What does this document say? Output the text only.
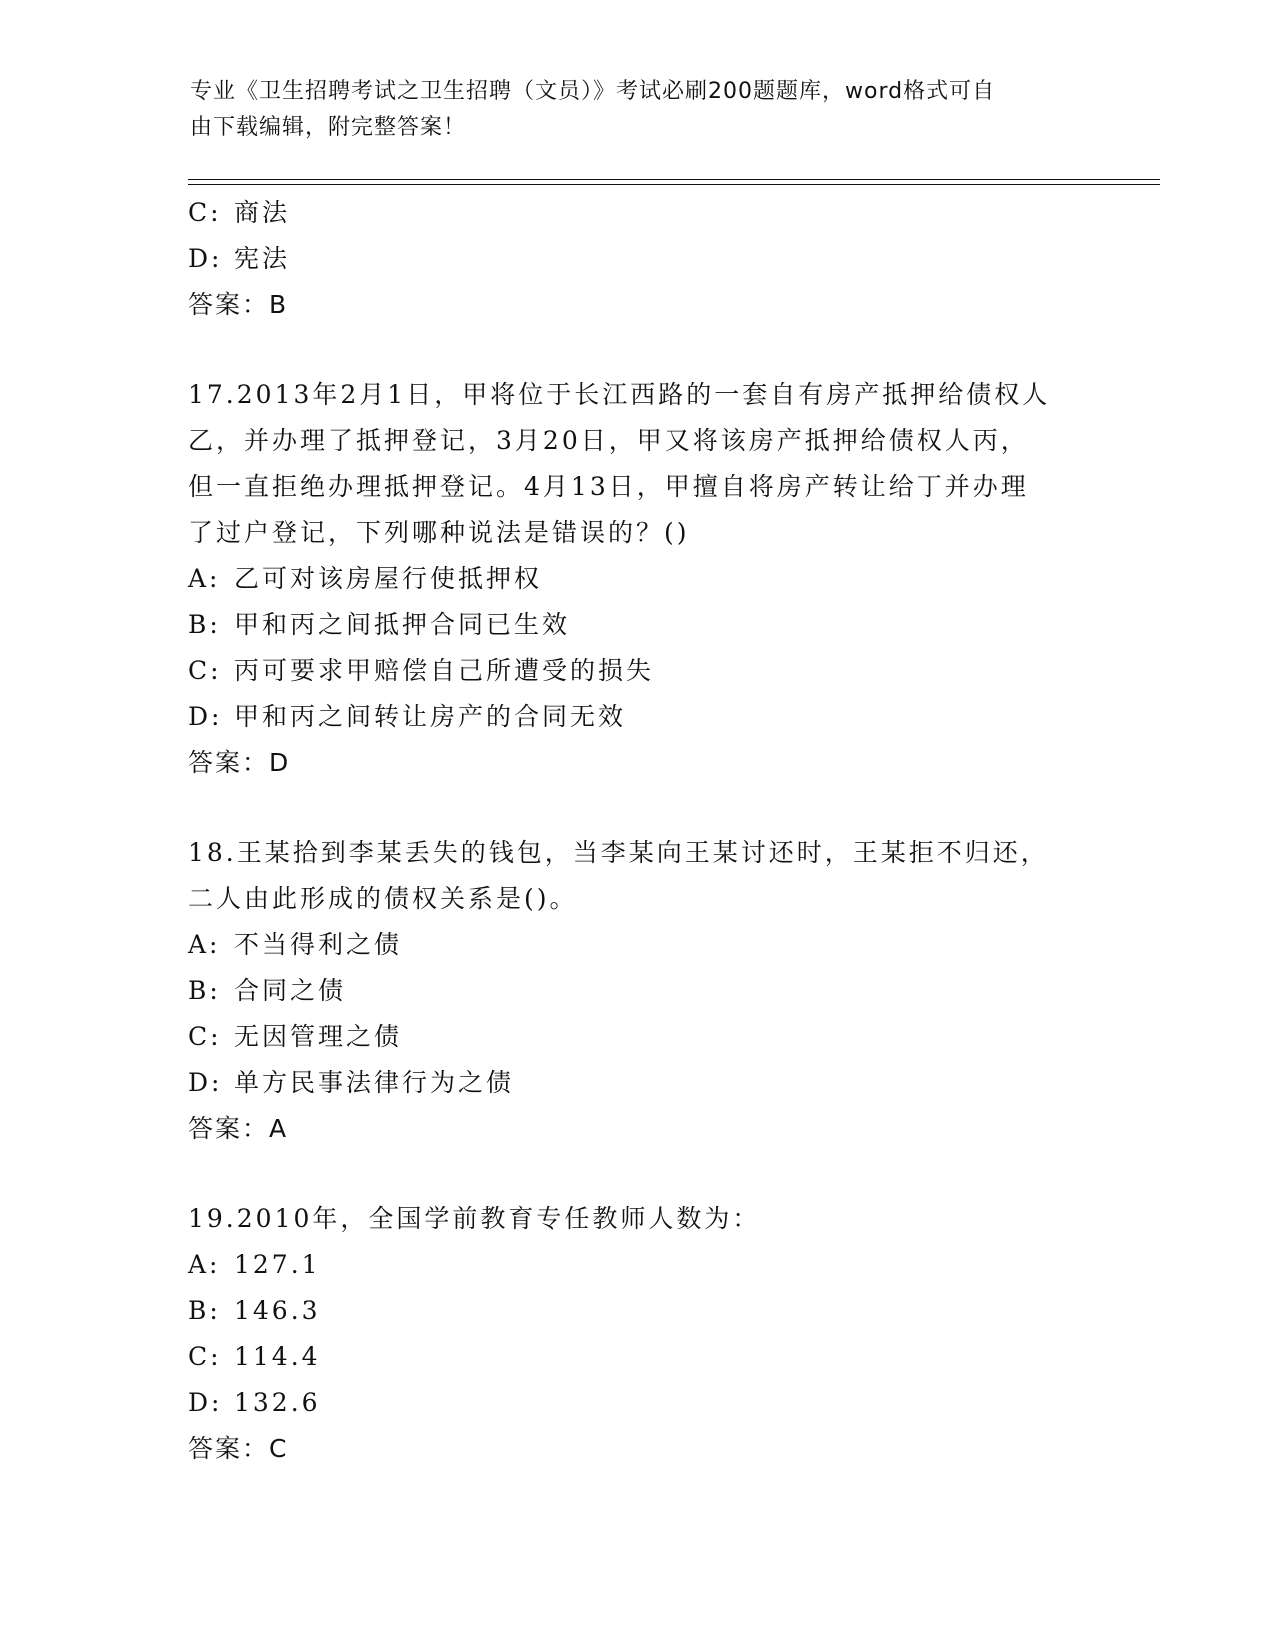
专业《卫生招聘考试之卫生招聘（文员）》考试必刷200题题库，word格式可自
由下载编辑，附完整答案！
C: 商法
D: 宪法
答案：B
17.2013年2月1日，甲将位于长江西路的一套自有房产抵押给债权人
乙，并办理了抵押登记，3月20日，甲又将该房产抵押给债权人丙，
但一直拒绝办理抵押登记。4月13日，甲擅自将房产转让给丁并办理
了过户登记，下列哪种说法是错误的？()
A: 乙可对该房屋行使抵押权
B: 甲和丙之间抵押合同已生效
C: 丙可要求甲赔偿自己所遭受的损失
D: 甲和丙之间转让房产的合同无效
答案：D
18.王某拾到李某丢失的钱包，当李某向王某讨还时，王某拒不归还，
二人由此形成的债权关系是()。
A: 不当得利之债
B: 合同之债
C: 无因管理之债
D: 单方民事法律行为之债
答案：A
19.2010年，全国学前教育专任教师人数为：
A: 127.1
B: 146.3
C: 114.4
D: 132.6
答案：C
